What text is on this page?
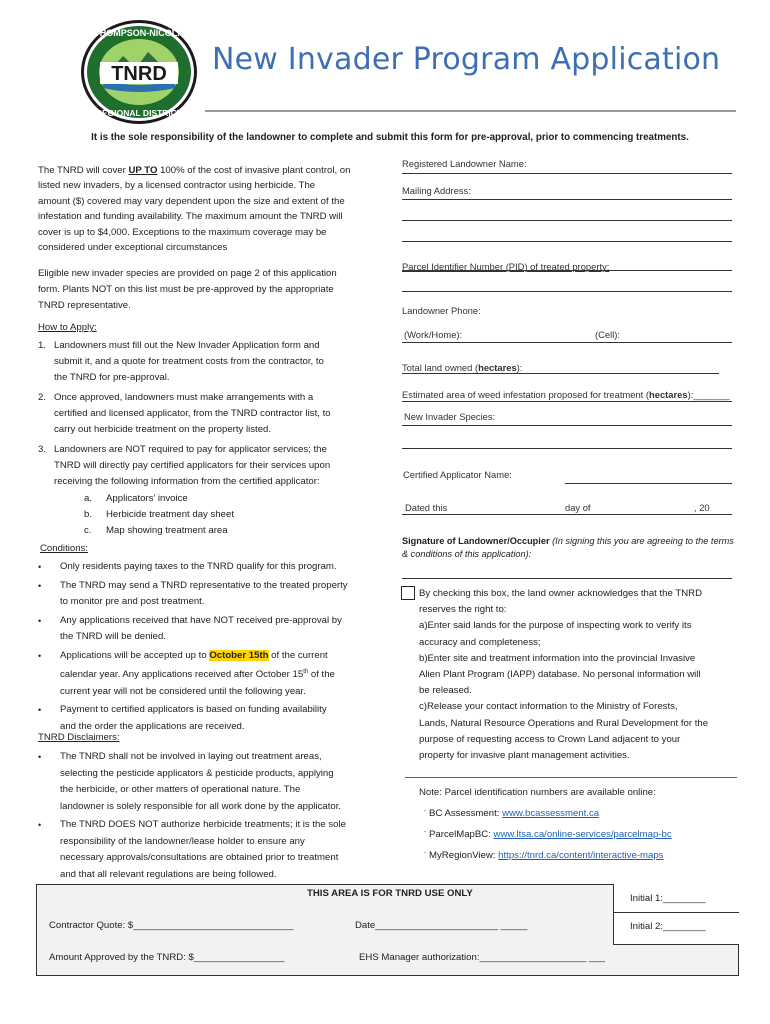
TNRD
THOMPSON-NICOLA
REGIONAL DISTRICT
New Invader Program Application
It is the sole responsibility of the landowner to complete and submit this form for pre-approval, prior to commencing treatments.
The TNRD will cover UP TO 100% of the cost of invasive plant control, on
listed new invaders, by a licensed contractor using herbicide. The
amount ($) covered may vary dependent upon the size and extent of the
infestation and funding availability. The maximum amount the TNRD will
cover is up to $4,000. Exceptions to the maximum coverage may be
considered under exceptional circumstances
Eligible new invader species are provided on page 2 of this application
form. Plants NOT on this list must be pre-approved by the appropriate
TNRD representative.
How to Apply:
1. Landowners must fill out the New Invader Application form and
submit it, and a quote for treatment costs from the contractor, to
the TNRD for pre-approval.
2. Once approved, landowners must make arrangements with a
certified and licensed applicator, from the TNRD contractor list, to
carry out herbicide treatment on the property listed.
3. Landowners are NOT required to pay for applicator services; the
TNRD will directly pay certified applicators for their services upon
receiving the following information from the certified applicator:
a. Applicators’ invoice
b. Herbicide treatment day sheet
c. Map showing treatment area
Conditions:
• Only residents paying taxes to the TNRD qualify for this program.
• The TNRD may send a TNRD representative to the treated property
to monitor pre and post treatment.
• Any applications received that have NOT received pre-approval by
the TNRD will be denied.
• Applications will be accepted up to October 15th of the current
calendar year. Any applications received after October 15th of the
current year will not be considered until the following year.
• Payment to certified applicators is based on funding availability
and the order the applications are received.
TNRD Disclaimers:
• The TNRD shall not be involved in laying out treatment areas,
selecting the pesticide applicators & pesticide products, applying
the herbicide, or other matters of operational nature. The
landowner is solely responsible for all work done by the applicator.
• The TNRD DOES NOT authorize herbicide treatments; it is the sole
responsibility of the landowner/lease holder to ensure any
necessary approvals/consultations are obtained prior to treatment
and that all relevant regulations are being followed.
Registered Landowner Name:
Mailing Address:
Parcel Identifier Number (PID) of treated property:
Landowner Phone:
(Work/Home):	(Cell):
Total land owned (hectares):
Estimated area of weed infestation proposed for treatment (hectares):_______
New Invader Species:
Certified Applicator Name:
Dated this	day of	, 20
Signature of Landowner/Occupier (In signing this you are agreeing to the terms
& conditions of this application):
By checking this box, the land owner acknowledges that the TNRD
reserves the right to:
a)Enter said lands for the purpose of inspecting work to verify its
accuracy and completeness;
b)Enter site and treatment information into the provincial Invasive
Alien Plant Program (IAPP) database. No personal information will
be released.
c)Release your contact information to the Ministry of Forests,
Lands, Natural Resource Operations and Rural Development for the
purpose of requesting access to Crown Land adjacent to your
property for invasive plant management activities.
Note: Parcel identification numbers are available online:
¨ BC Assessment: www.bcassessment.ca
¨ ParcelMapBC: www.ltsa.ca/online-services/parcelmap-bc
¨ MyRegionView: https://tnrd.ca/content/interactive-maps
THIS AREA IS FOR TNRD USE ONLY
Contractor Quote: $______________________________	Date_______________________ _____
Amount Approved by the TNRD: $_________________	EHS Manager authorization:____________________ ___
Initial 1:________
Initial 2:________
